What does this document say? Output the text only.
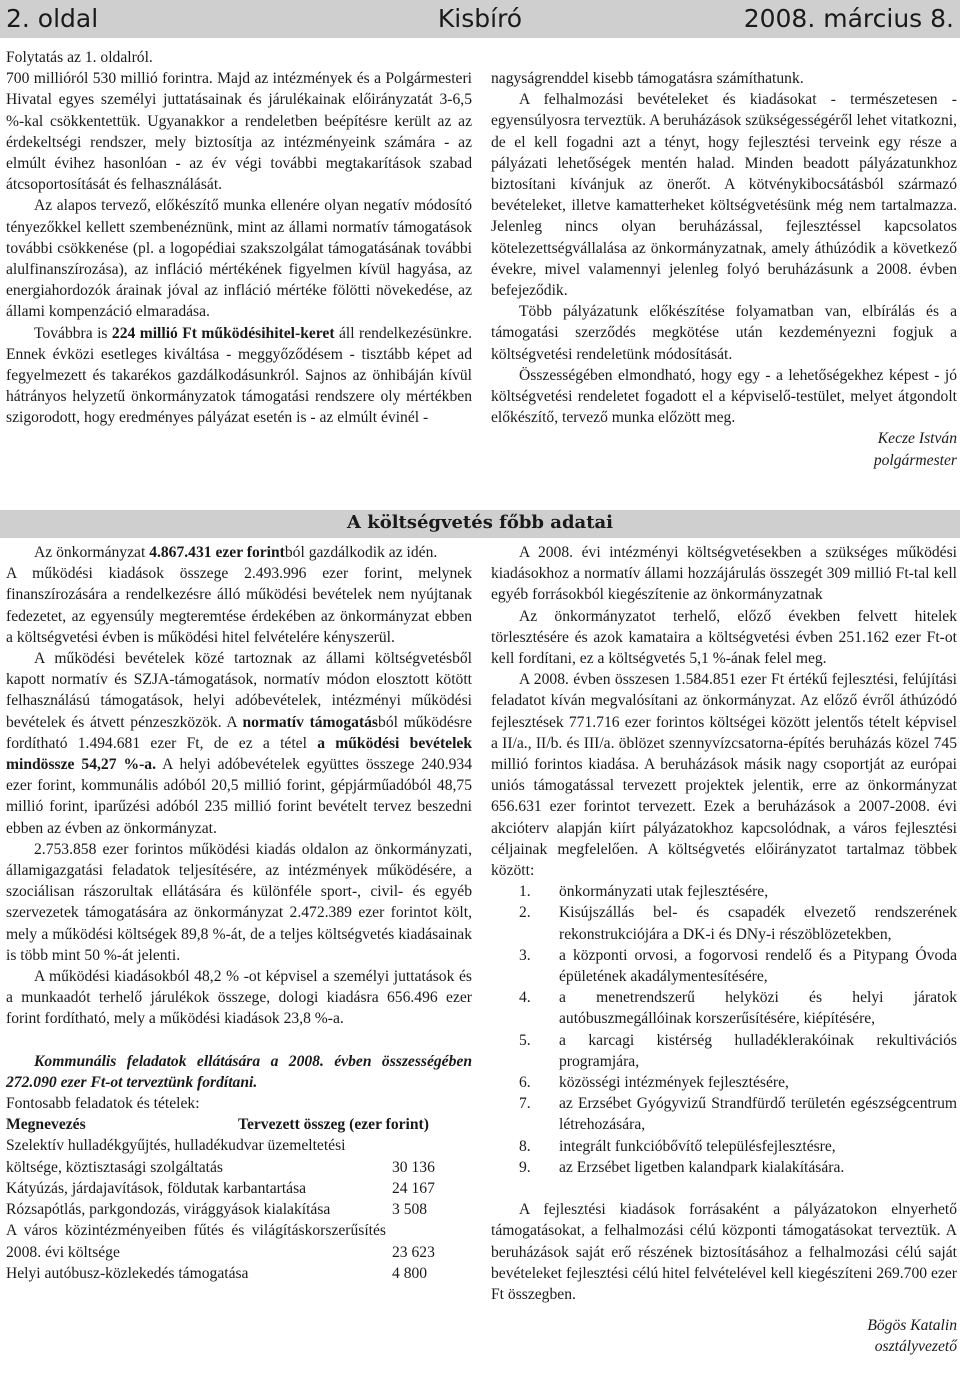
Kisbíró
2. oldal	2008. március 8.

Folytatás az 1. oldalról.

700 millióról 530 millió forintra. Majd az intézmények és a Polgármesteri Hivatal egyes személyi juttatásainak és járulékainak előirányzatát 3-6,5 %-kal csökkentettük. Ugyanakkor a rendeletben beépítésre került az az érdekeltségi rendszer, mely biztosítja az intézményeink számára - az elmúlt évihez hasonlóan - az év végi további megtakarítások szabad átcsoportosítását és felhasználását.

Az alapos tervező, előkészítő munka ellenére olyan negatív módosító tényezőkkel kellett szembenéznünk, mint az állami normatív támogatások további csökkenése (pl. a logopédiai szakszolgálat támogatásának további alulfinanszírozása), az infláció mértékének figyelmen kívül hagyása, az energiahordozók árainak jóval az infláció mértéke fölötti növekedése, az állami kompenzáció elmaradása.

Továbbra is 224 millió Ft működésihitel-keret áll rendelkezésünkre. Ennek évközi esetleges kiváltása - meggyőződésem - tisztább képet ad fegyelmezett és takarékos gazdálkodásunkról. Sajnos az önhibáján kívül hátrányos helyzetű önkormányzatok támogatási rendszere oly mértékben szigorodott, hogy eredményes pályázat esetén is - az elmúlt évinél -

nagyságrenddel kisebb támogatásra számíthatunk.

A felhalmozási bevételeket és kiadásokat - természetesen - egyensúlyosra terveztük. A beruházások szükségességéről lehet vitatkozni, de el kell fogadni azt a tényt, hogy fejlesztési terveink egy része a pályázati lehetőségek mentén halad. Minden beadott pályázatunkhoz biztosítani kívánjuk az önerőt. A kötvénykibocsátásból származó bevételeket, illetve kamatterheket költségvetésünk még nem tartalmazza. Jelenleg nincs olyan beruházással, fejlesztéssel kapcsolatos kötelezettségvállalása az önkormányzatnak, amely áthúzódik a következő évekre, mivel valamennyi jelenleg folyó beruházásunk a 2008. évben befejeződik.

Több pályázatunk előkészítése folyamatban van, elbírálás és a támogatási szerződés megkötése után kezdeményezni fogjuk a költségvetési rendeletünk módosítását.

Összességében elmondható, hogy egy - a lehetőségekhez képest - jó költségvetési rendeletet fogadott el a képviselő-testület, melyet átgondolt előkészítő, tervező munka előzött meg.

Kecze István

polgármester

A költségvetés főbb adatai

Az önkormányzat 4.867.431 ezer forintból gazdálkodik az idén.

A működési kiadások összege 2.493.996 ezer forint, melynek finanszírozására a rendelkezésre álló működési bevételek nem nyújtanak fedezetet, az egyensúly megteremtése érdekében az önkormányzat ebben a költségvetési évben is működési hitel felvételére kényszerül.

A működési bevételek közé tartoznak az állami költségvetésből kapott normatív és SZJA-támogatások, normatív módon elosztott kötött felhasználású támogatások, helyi adóbevételek, intézményi működési bevételek és átvett pénzeszközök. A normatív támogatásból működésre fordítható 1.494.681 ezer Ft, de ez a tétel a működési bevételek mindössze 54,27 %-a. A helyi adóbevételek együttes összege 240.934 ezer forint, kommunális adóból 20,5 millió forint, gépjárműadóból 48,75 millió forint, iparűzési adóból 235 millió forint bevételt tervez beszedni ebben az évben az önkormányzat.

2.753.858 ezer forintos működési kiadás oldalon az önkormányzati, államigazgatási feladatok teljesítésére, az intézmények működésére, a szociálisan rászorultak ellátására és különféle sport-, civil- és egyéb szervezetek támogatására az önkormányzat 2.472.389 ezer forintot költ, mely a működési költségek 89,8 %-át, de a teljes költségvetés kiadásainak is több mint 50 %-át jelenti.

A működési kiadásokból 48,2 % -ot képvisel a személyi juttatások és a munkaadót terhelő járulékok összege, dologi kiadásra 656.496 ezer forint fordítható, mely a működési kiadások 23,8 %-a.

Kommunális feladatok ellátására a 2008. évben összességében 272.090 ezer Ft-ot terveztünk fordítani.

Fontosabb feladatok és tételek:

Megnevezés	Tervezett összeg (ezer forint)
Szelektív hulladékgyűjtés, hulladékudvar üzemeltetési költsége, köztisztasági szolgáltatás	30 136
Kátyúzás, járdajavítások, földutak karbantartása	24 167
Rózsapótlás, parkgondozás, virággyások kialakítása	3 508
A város közintézményeiben fűtés és világításkorszerűsítés 2008. évi költsége	23 623
Helyi autóbusz-közlekedés támogatása	4 800

A 2008. évi intézményi költségvetésekben a szükséges működési kiadásokhoz a normatív állami hozzájárulás összegét 309 millió Ft-tal kell egyéb forrásokból kiegészítenie az önkormányzatnak

Az önkormányzatot terhelő, előző években felvett hitelek törlesztésére és azok kamataira a költségvetési évben 251.162 ezer Ft-ot kell fordítani, ez a költségvetés 5,1 %-ának felel meg.

A 2008. évben összesen 1.584.851 ezer Ft értékű fejlesztési, felújítási feladatot kíván megvalósítani az önkormányzat. Az előző évről áthúzódó fejlesztések 771.716 ezer forintos költségei között jelentős tételt képvisel a II/a., II/b. és III/a. öblözet szennyvízcsatorna-építés beruházás közel 745 millió forintos kiadása. A beruházások másik nagy csoportját az európai uniós támogatással tervezett projektek jelentik, erre az önkormányzat 656.631 ezer forintot tervezett. Ezek a beruházások a 2007-2008. évi akcióterv alapján kiírt pályázatokhoz kapcsolódnak, a város fejlesztési céljainak megfelelően. A költségvetés előirányzatot tartalmaz többek között:

1. önkormányzati utak fejlesztésére,
2. Kisújszállás bel- és csapadék elvezető rendszerének rekonstrukciójára a DK-i és DNy-i részöblözetekben,
3. a központi orvosi, a fogorvosi rendelő és a Pitypang Óvoda épületének akadálymentesítésére,
4. a menetrendszerű helyközi és helyi járatok autóbuszmegállóinak korszerűsítésére, kiépítésére,
5. a karcagi kistérség hulladéklerakóinak rekultivációs programjára,
6. közösségi intézmények fejlesztésére,
7. az Erzsébet Gyógyvizű Strandfürdő területén egészségcentrum létrehozására,
8. integrált funkcióbővítő településfejlesztésre,
9. az Erzsébet ligetben kalandpark kialakítására.

A fejlesztési kiadások forrásaként a pályázatokon elnyerhető támogatásokat, a felhalmozási célú központi támogatásokat terveztük. A beruházások saját erő részének biztosításához a felhalmozási célú saját bevételeket fejlesztési célú hitel felvételével kell kiegészíteni 269.700 ezer Ft összegben.

Bögös Katalin

osztályvezető
